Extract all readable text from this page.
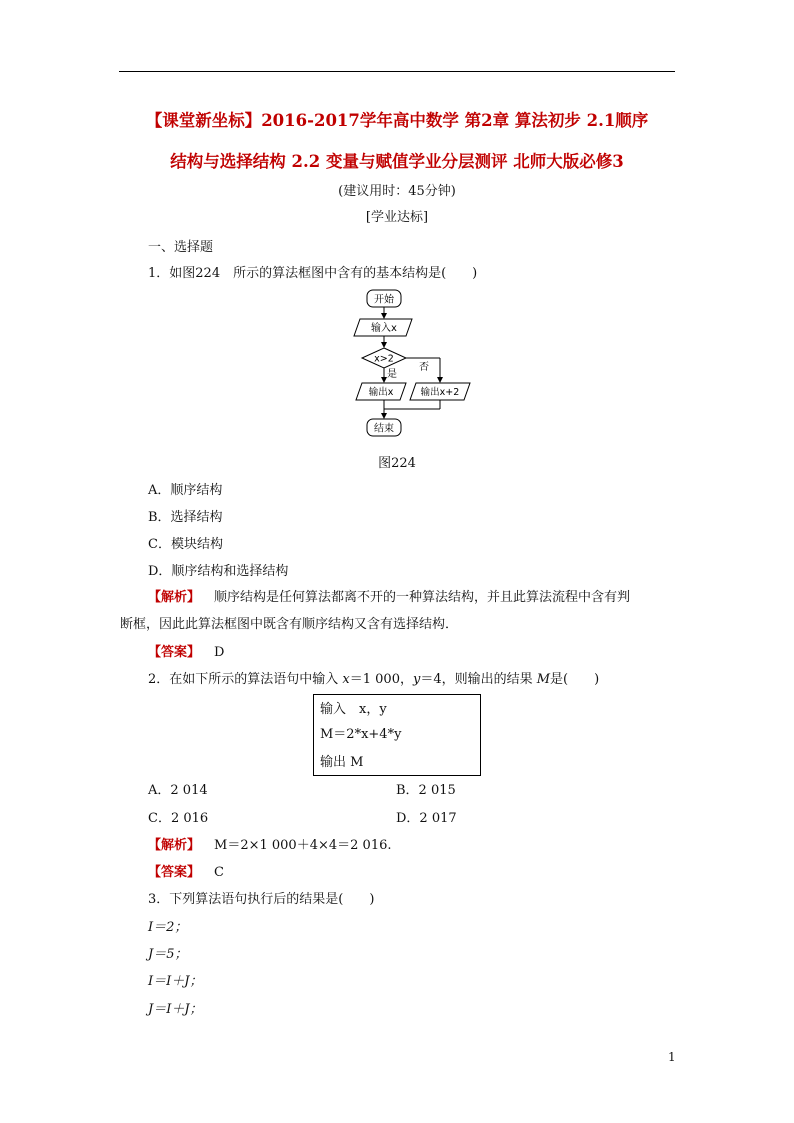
【课堂新坐标】2016-2017学年高中数学 第2章 算法初步 2.1顺序
结构与选择结构 2.2 变量与赋值学业分层测评 北师大版必修3
(建议用时：45分钟)
[学业达标]
一、选择题
1．如图224　所示的算法框图中含有的基本结构是(　　)
开始
输入x
x>2
否
是
输出x	输出x+2
结束
图224
A．顺序结构
B．选择结构
C．模块结构
D．顺序结构和选择结构
【解析】 顺序结构是任何算法都离不开的一种算法结构，并且此算法流程中含有判
断框，因此此算法框图中既含有顺序结构又含有选择结构．
【答案】 D
2．在如下所示的算法语句中输入 x＝1 000，y＝4，则输出的结果 M是(　　)
输入　x，y
M＝2*x+4*y
输出 M
A．2 014	B．2 015
C．2 016	D．2 017
【解析】 M＝2×1 000＋4×4＝2 016.
【答案】 C
3．下列算法语句执行后的结果是(　　)
I＝2；
J＝5；
I＝I＋J；
J＝I＋J；
1
